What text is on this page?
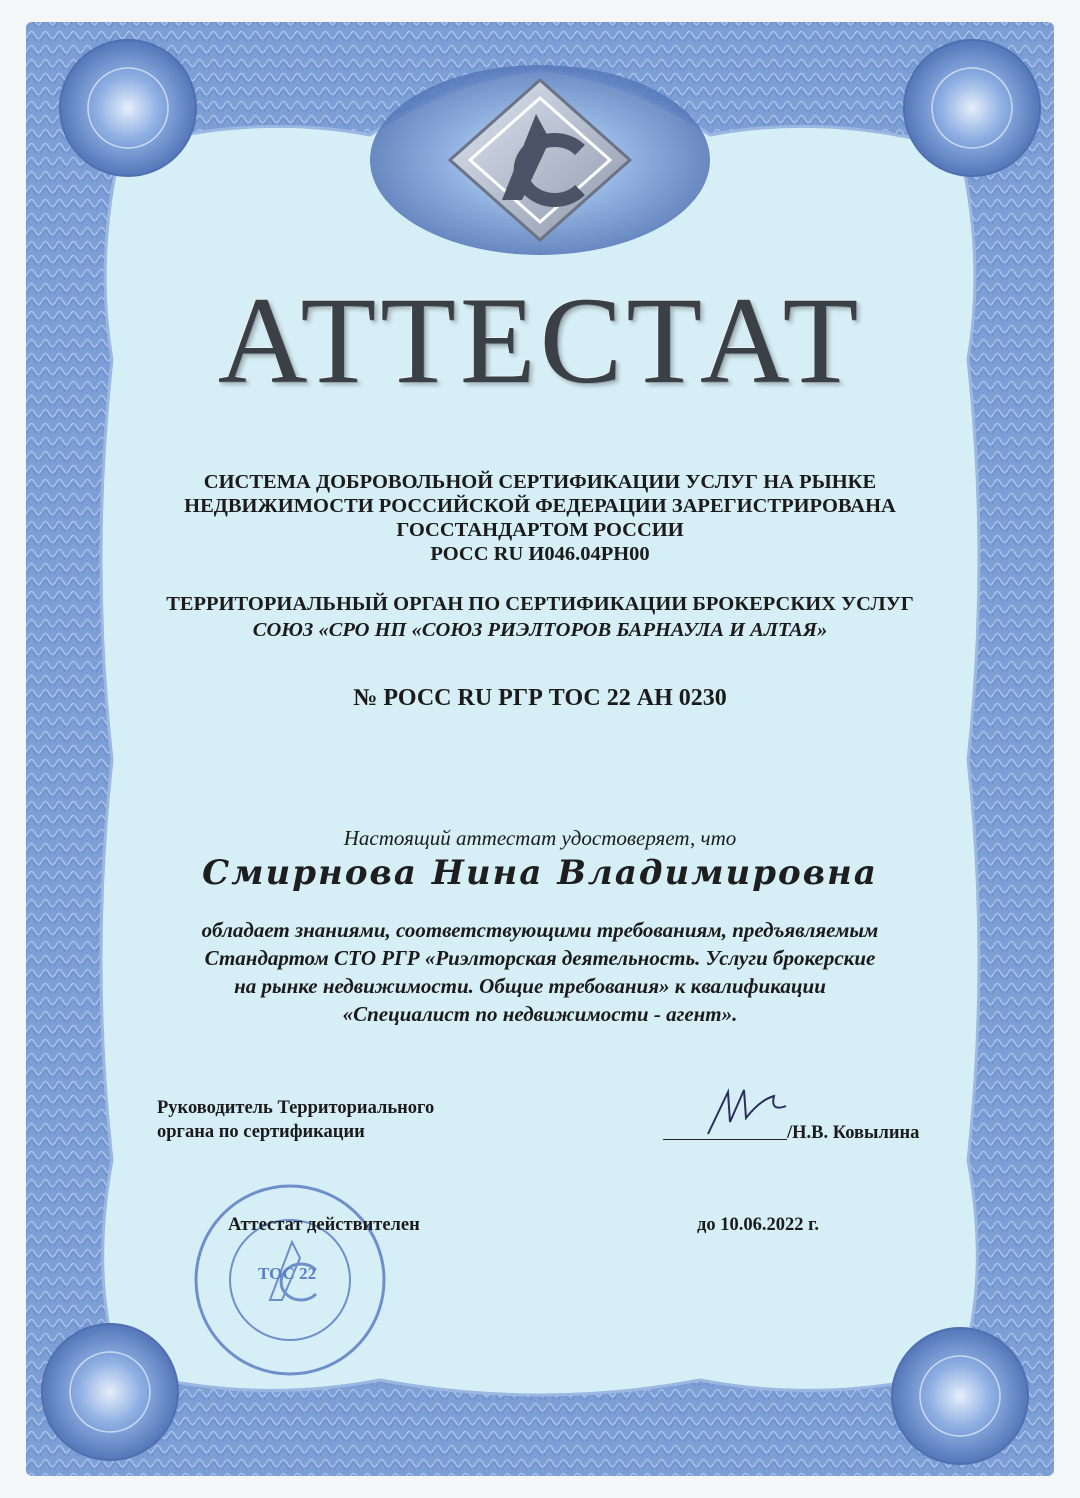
АТТЕСТАТ
СИСТЕМА ДОБРОВОЛЬНОЙ СЕРТИФИКАЦИИ УСЛУГ НА РЫНКЕ
НЕДВИЖИМОСТИ РОССИЙСКОЙ ФЕДЕРАЦИИ ЗАРЕГИСТРИРОВАНА
ГОССТАНДАРТОМ РОССИИ
РОСС RU И046.04РН00
ТЕРРИТОРИАЛЬНЫЙ ОРГАН ПО СЕРТИФИКАЦИИ БРОКЕРСКИХ УСЛУГ
СОЮЗ «СРО НП «СОЮЗ РИЭЛТОРОВ БАРНАУЛА И АЛТАЯ»
№ РОСС RU РГР ТОС 22 АН 0230
Настоящий аттестат удостоверяет, что
Смирнова Нина Владимировна
обладает знаниями, соответствующими требованиям, предъявляемым
Стандартом СТО РГР «Риэлторская деятельность. Услуги брокерские
на рынке недвижимости. Общие требования» к квалификации
«Специалист по недвижимости - агент».
Руководитель Территориального
органа по сертификации	/Н.В. Ковылина
Аттестат действителен	до 10.06.2022 г.
ТОС 22
